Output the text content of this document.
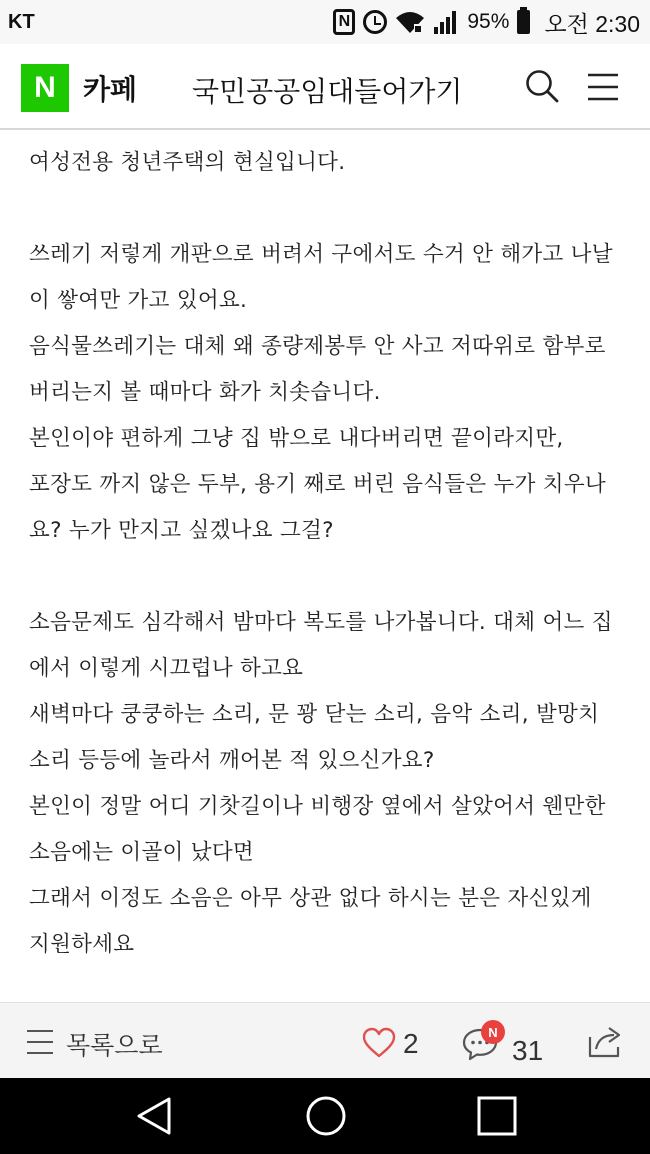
KT	N	95% 오전 2:30
N 카페 국민공공임대들어가기
여성전용 청년주택의 현실입니다.
쓰레기 저렇게 개판으로 버려서 구에서도 수거 안 해가고 나날
이 쌓여만 가고 있어요.
음식물쓰레기는 대체 왜 종량제봉투 안 사고 저따위로 함부로
버리는지 볼 때마다 화가 치솟습니다.
본인이야 편하게 그냥 집 밖으로 내다버리면 끝이라지만,
포장도 까지 않은 두부, 용기 째로 버린 음식들은 누가 치우나
요? 누가 만지고 싶겠나요 그걸?
소음문제도 심각해서 밤마다 복도를 나가봅니다. 대체 어느 집
에서 이렇게 시끄럽나 하고요
새벽마다 쿵쿵하는 소리, 문 꽝 닫는 소리, 음악 소리, 발망치
소리 등등에 놀라서 깨어본 적 있으신가요?
본인이 정말 어디 기찻길이나 비행장 옆에서 살았어서 웬만한
소음에는 이골이 났다면
그래서 이정도 소음은 아무 상관 없다 하시는 분은 자신있게
지원하세요
목록으로	2	N
31
